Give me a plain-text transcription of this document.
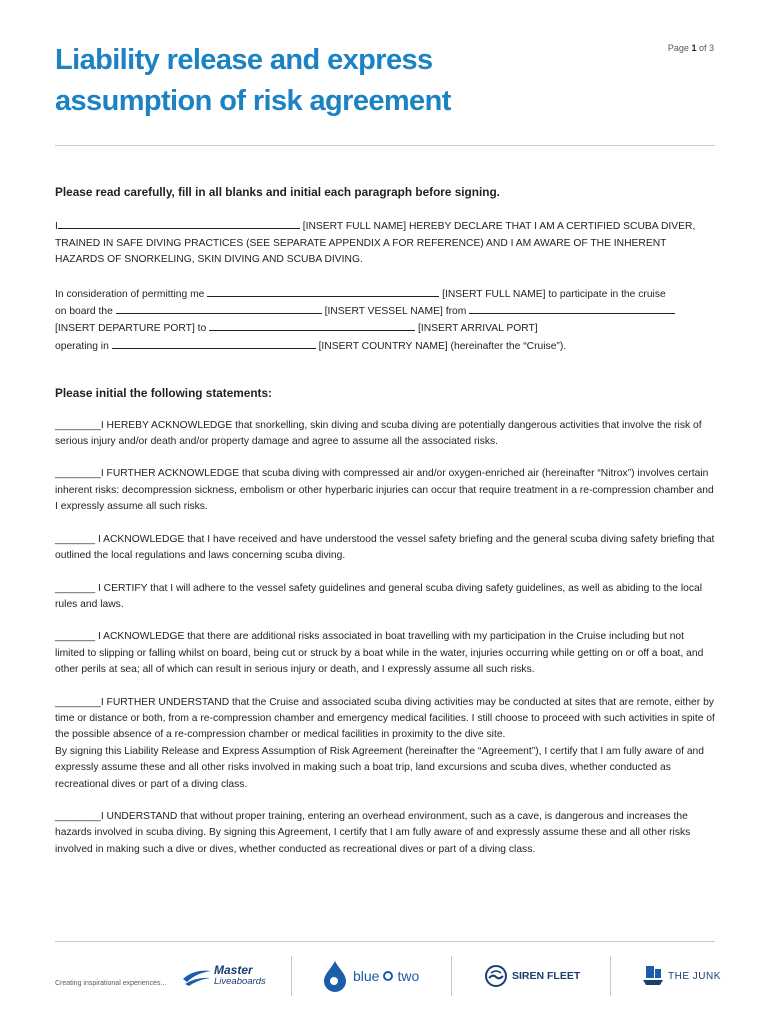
Page 1 of 3
Liability release and express
assumption of risk agreement

Please read carefully, fill in all blanks and initial each paragraph before signing.

I	[INSERT FULL NAME] HEREBY DECLARE THAT I AM A CERTIFIED SCUBA DIVER, TRAINED IN SAFE DIVING PRACTICES (SEE SEPARATE APPENDIX A FOR REFERENCE) AND I AM AWARE OF THE INHERENT HAZARDS OF SNORKELING, SKIN DIVING AND SCUBA DIVING.

In consideration of permitting me	[INSERT FULL NAME] to participate in the cruise
on board the	[INSERT VESSEL NAME] from
[INSERT DEPARTURE PORT] to	[INSERT ARRIVAL PORT]
operating in	[INSERT COUNTRY NAME] (hereinafter the “Cruise”).

Please initial the following statements:

________I HEREBY ACKNOWLEDGE that snorkelling, skin diving and scuba diving are potentially dangerous activities that involve the risk of serious injury and/or death and/or property damage and agree to assume all the associated risks.

________I FURTHER ACKNOWLEDGE that scuba diving with compressed air and/or oxygen-enriched air (hereinafter “Nitrox”) involves certain inherent risks: decompression sickness, embolism or other hyperbaric injuries can occur that require treatment in a re-compression chamber and I expressly assume all such risks.

_______ I ACKNOWLEDGE that I have received and have understood the vessel safety briefing and the general scuba diving safety briefing that outlined the local regulations and laws concerning scuba diving.

_______ I CERTIFY that I will adhere to the vessel safety guidelines and general scuba diving safety guidelines, as well as abiding to the local rules and laws.

_______ I ACKNOWLEDGE that there are additional risks associated in boat travelling with my participation in the Cruise including but not limited to slipping or falling whilst on board, being cut or struck by a boat while in the water, injuries occurring while getting on or off a boat, and other perils at sea; all of which can result in serious injury or death, and I expressly assume all such risks.

________I FURTHER UNDERSTAND that the Cruise and associated scuba diving activities may be conducted at sites that are remote, either by time or distance or both, from a re-compression chamber and emergency medical facilities. I still choose to proceed with such activities in spite of the possible absence of a re-compression chamber or medical facilities in proximity to the dive site.

By signing this Liability Release and Express Assumption of Risk Agreement (hereinafter the “Agreement”), I certify that I am fully aware of and expressly assume these and all other risks involved in making such a boat trip, land excursions and scuba dives, whether conducted as recreational dives or part of a diving class.

________I UNDERSTAND that without proper training, entering an overhead environment, such as a cave, is dangerous and increases the hazards involved in scuba diving. By signing this Agreement, I certify that I am fully aware of and expressly assume these and all other risks involved in making such a dive or dives, whether conducted as recreational dives or part of a diving class.

Creating inspirational experiences...
Master
Liveaboards	blue two	SIREN FLEET	THE JUNK
